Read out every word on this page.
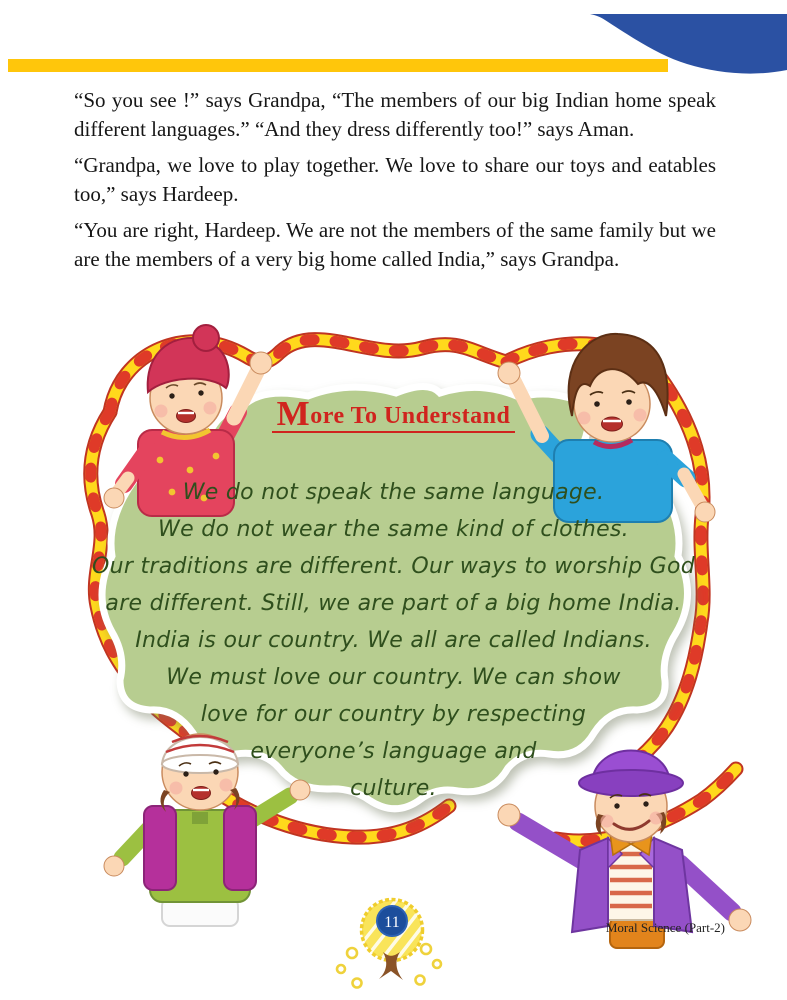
“So you see !” says Grandpa, “The members of our big Indian home speak different languages.” “And they dress differently too!” says Aman.

“Grandpa, we love to play together. We love to share our toys and eatables too,” says Hardeep.

“You are right, Hardeep. We are not the members of the same family but we are the members of a very big home called India,” says Grandpa.

11
More To Understand
We do not speak the same language.
We do not wear the same kind of clothes.
Our traditions are different. Our ways to worship God
are different. Still, we are part of a big home India.
India is our country. We all are called Indians.
We must love our country. We can show
love for our country by respecting
everyone’s language and
culture.
Moral Science (Part-2)
